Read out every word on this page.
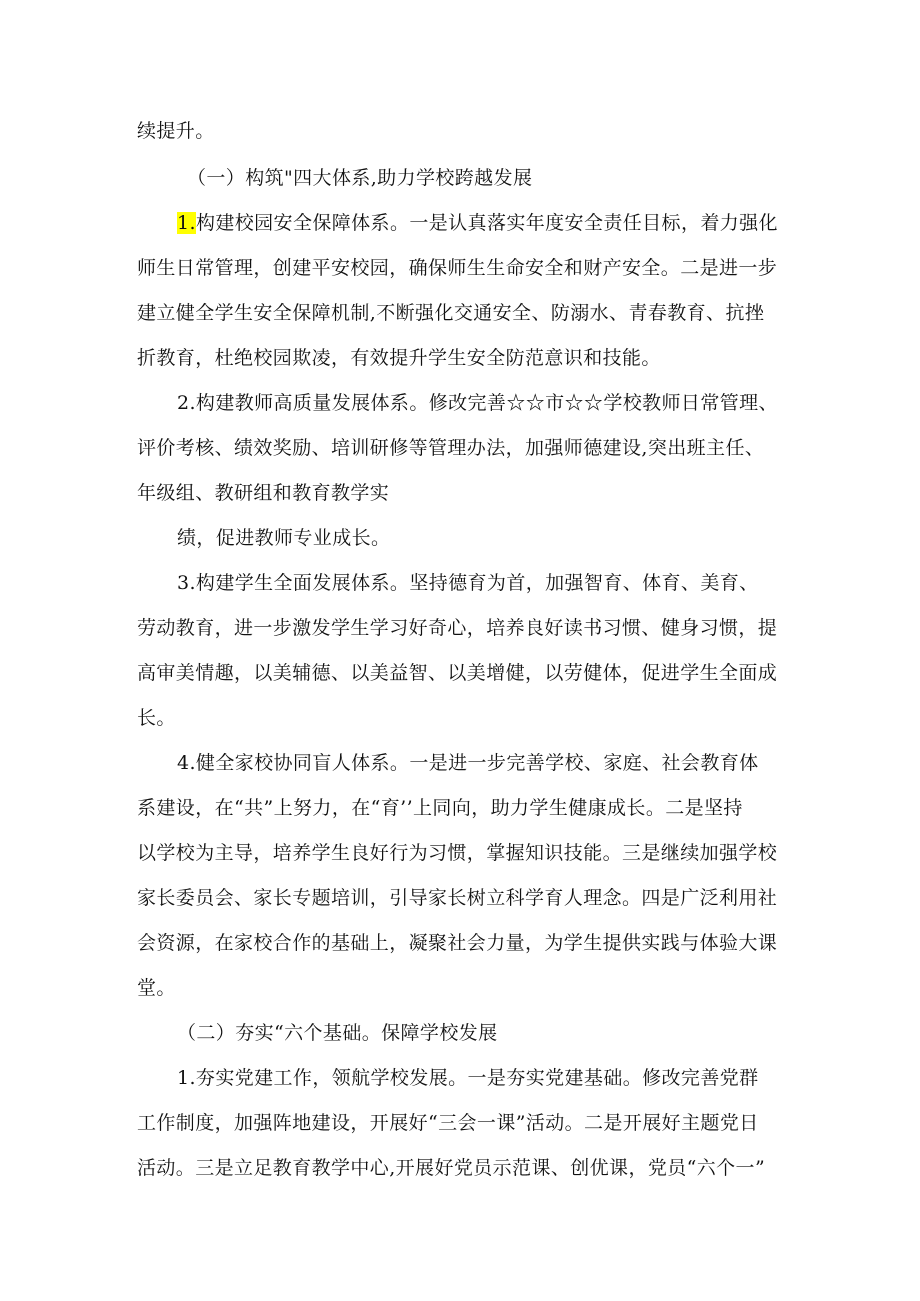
续提升。
（一）构筑"四大体系,助力学校跨越发展
1.构建校园安全保障体系。一是认真落实年度安全责任目标，着力强化
师生日常管理，创建平安校园，确保师生生命安全和财产安全。二是进一步
建立健全学生安全保障机制,不断强化交通安全、防溺水、青春教育、抗挫
折教育，杜绝校园欺凌，有效提升学生安全防范意识和技能。
2.构建教师高质量发展体系。修改完善☆☆市☆☆学校教师日常管理、
评价考核、绩效奖励、培训研修等管理办法，加强师德建设,突出班主任、
年级组、教研组和教育教学实
绩，促进教师专业成长。
3.构建学生全面发展体系。坚持德育为首，加强智育、体育、美育、
劳动教育，进一步激发学生学习好奇心，培养良好读书习惯、健身习惯，提
高审美情趣，以美辅德、以美益智、以美增健，以劳健体，促进学生全面成
长。
4.健全家校协同盲人体系。一是进一步完善学校、家庭、社会教育体
系建设，在“共”上努力，在“育’’上同向，助力学生健康成长。二是坚持
以学校为主导，培养学生良好行为习惯，掌握知识技能。三是继续加强学校
家长委员会、家长专题培训，引导家长树立科学育人理念。四是广泛利用社
会资源，在家校合作的基础上，凝聚社会力量，为学生提供实践与体验大课
堂。
（二）夯实“六个基础。保障学校发展
1.夯实党建工作，领航学校发展。一是夯实党建基础。修改完善党群
工作制度，加强阵地建设，开展好“三会一课”活动。二是开展好主题党日
活动。三是立足教育教学中心,开展好党员示范课、创优课，党员“六个一”
